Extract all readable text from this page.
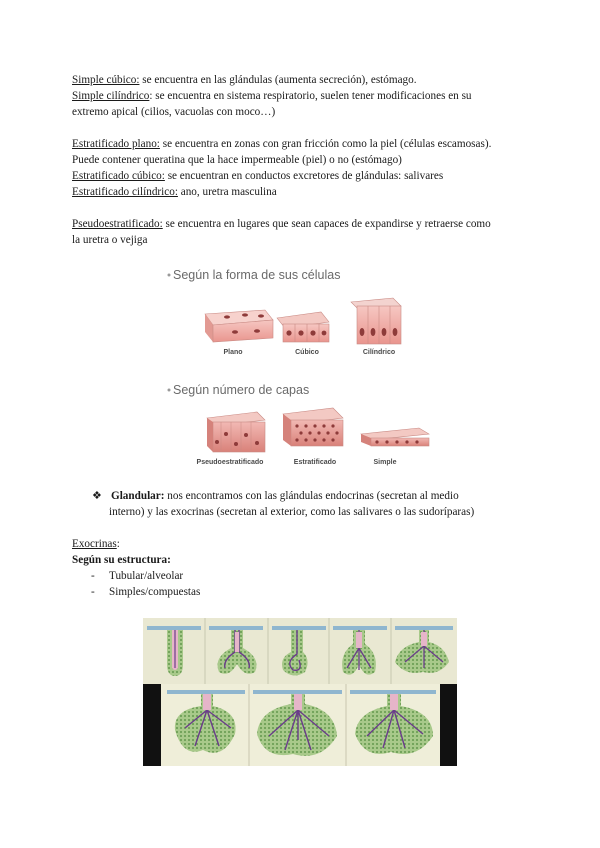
Simple cúbico: se encuentra en las glándulas (aumenta secreción), estómago.
Simple cilíndrico: se encuentra en sistema respiratorio, suelen tener modificaciones en su
extremo apical (cilios, vacuolas con moco…)
Estratificado plano: se encuentra en zonas con gran fricción como la piel (células escamosas).
Puede contener queratina que la hace impermeable (piel) o no (estómago)
Estratificado cúbico: se encuentran en conductos excretores de glándulas: salivares
Estratificado cilíndrico: ano, uretra masculina
Pseudoestratificado: se encuentra en lugares que sean capaces de expandirse y retraerse como
la uretra o vejiga
Según la forma de sus células
Plano	Cúbico	Cilíndrico
Según número de capas
Pseudoestratificado	Estratificado	Simple
❖ Glandular: nos encontramos con las glándulas endocrinas (secretan al medio
interno) y las exocrinas (secretan al exterior, como las salivares o las sudoríparas)
Exocrinas:
Según su estructura:
- Tubular/alveolar
- Simples/compuestas
